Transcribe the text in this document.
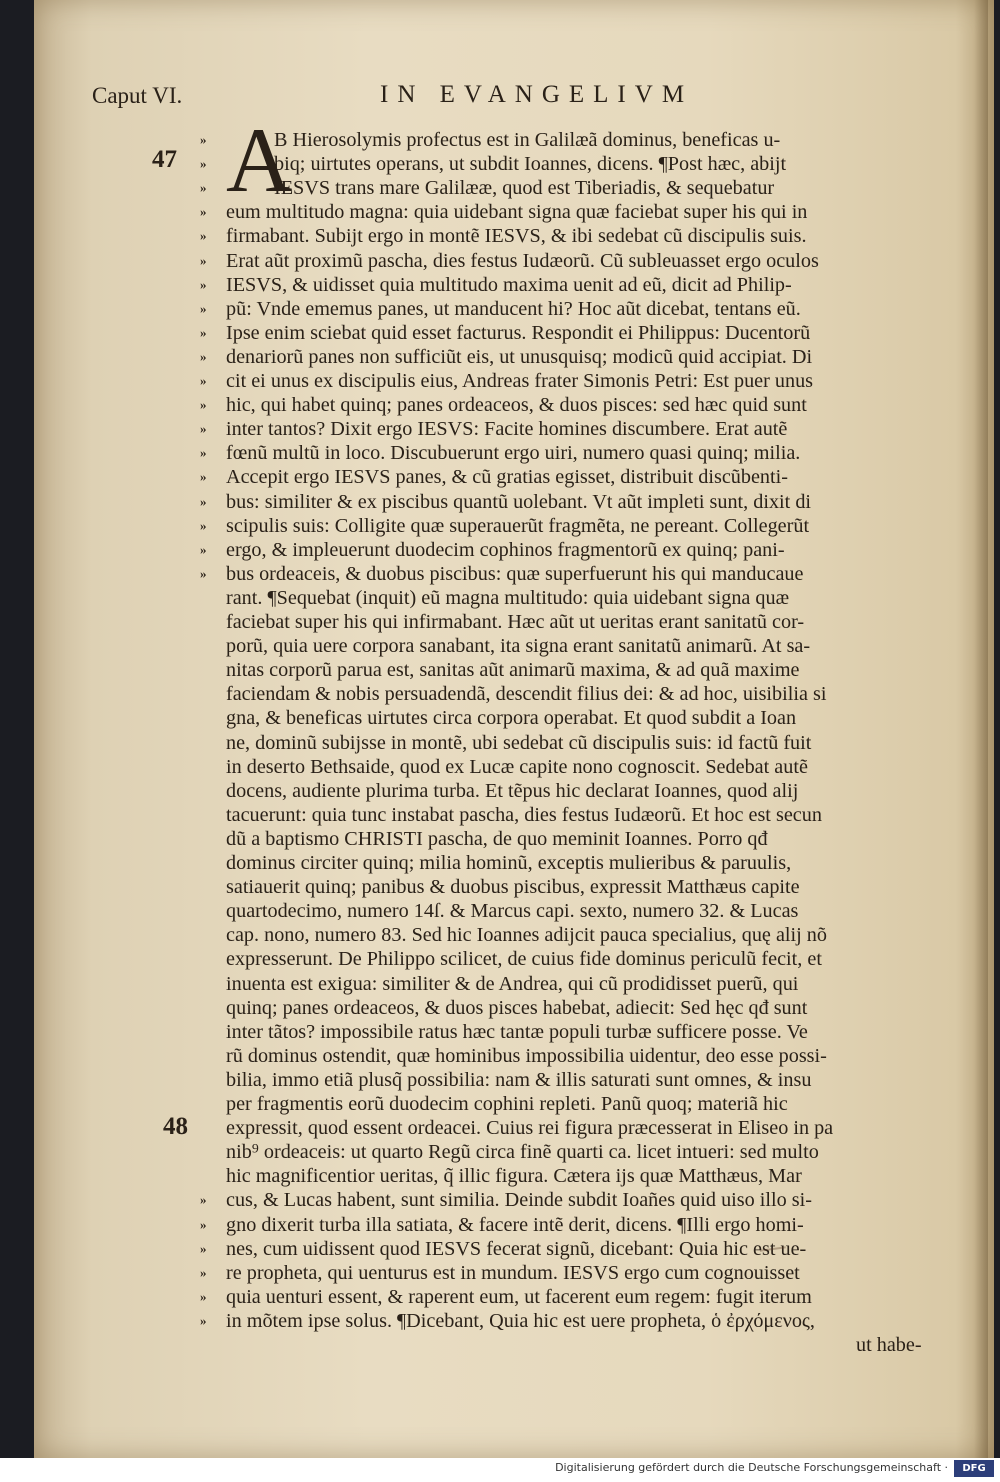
Caput VI.	IN EVANGELIVM
47
48
A
B Hierosolymis profectus est in Galilæã dominus, beneficas u-
»
biq; uirtutes operans, ut subdit Ioannes, dicens. ¶Post hæc, abijt
»
IESVS trans mare Galilææ, quod est Tiberiadis, & sequebatur
»
eum multitudo magna: quia uidebant signa quæ faciebat super his qui in
»
firmabant. Subijt ergo in montẽ IESVS, & ibi sedebat cũ discipulis suis.
»
Erat aũt proximũ pascha, dies festus Iudæorũ. Cũ subleuasset ergo oculos
»
IESVS, & uidisset quia multitudo maxima uenit ad eũ, dicit ad Philip-
»
pũ: Vnde ememus panes, ut manducent hi? Hoc aũt dicebat, tentans eũ.
»
Ipse enim sciebat quid esset facturus. Respondit ei Philippus: Ducentorũ
»
denariorũ panes non sufficiũt eis, ut unusquisq; modicũ quid accipiat. Di
»
cit ei unus ex discipulis eius, Andreas frater Simonis Petri: Est puer unus
»
hic, qui habet quinq; panes ordeaceos, & duos pisces: sed hæc quid sunt
»
inter tantos? Dixit ergo IESVS: Facite homines discumbere. Erat autẽ
»
fœnũ multũ in loco. Discubuerunt ergo uiri, numero quasi quinq; milia.
»
Accepit ergo IESVS panes, & cũ gratias egisset, distribuit discũbenti-
»
bus: similiter & ex piscibus quantũ uolebant. Vt aũt impleti sunt, dixit di
»
scipulis suis: Colligite quæ superauerũt fragmẽta, ne pereant. Collegerũt
»
ergo, & impleuerunt duodecim cophinos fragmentorũ ex quinq; pani-
»
bus ordeaceis, & duobus piscibus: quæ superfuerunt his qui manducaue
»
rant. ¶Sequebat (inquit) eũ magna multitudo: quia uidebant signa quæ
faciebat super his qui infirmabant. Hæc aũt ut ueritas erant sanitatũ cor-
porũ, quia uere corpora sanabant, ita signa erant sanitatũ animarũ. At sa-
nitas corporũ parua est, sanitas aũt animarũ maxima, & ad quã maxime
faciendam & nobis persuadendã, descendit filius dei: & ad hoc, uisibilia si
gna, & beneficas uirtutes circa corpora operabat. Et quod subdit a Ioan
ne, dominũ subijsse in montẽ, ubi sedebat cũ discipulis suis: id factũ fuit
in deserto Bethsaide, quod ex Lucæ capite nono cognoscit. Sedebat autẽ
docens, audiente plurima turba. Et tẽpus hic declarat Ioannes, quod alij
tacuerunt: quia tunc instabat pascha, dies festus Iudæorũ. Et hoc est secun
dũ a baptismo CHRISTI pascha, de quo meminit Ioannes. Porro qđ
dominus circiter quinq; milia hominũ, exceptis mulieribus & paruulis,
satiauerit quinq; panibus & duobus piscibus, expressit Matthæus capite
quartodecimo, numero 14ſ. & Marcus capi. sexto, numero 32. & Lucas
cap. nono, numero 83. Sed hic Ioannes adijcit pauca specialius, quę alij nõ
expresserunt. De Philippo scilicet, de cuius fide dominus periculũ fecit, et
inuenta est exigua: similiter & de Andrea, qui cũ prodidisset puerũ, qui
quinq; panes ordeaceos, & duos pisces habebat, adiecit: Sed hęc qđ sunt
inter tãtos? impossibile ratus hæc tantæ populi turbæ sufficere posse. Ve
rũ dominus ostendit, quæ hominibus impossibilia uidentur, deo esse possi-
bilia, immo etiã plusq̃ possibilia: nam & illis saturati sunt omnes, & insu
per fragmentis eorũ duodecim cophini repleti. Panũ quoq; materiã hic
expressit, quod essent ordeacei. Cuius rei figura præcesserat in Eliseo in pa
nib⁹ ordeaceis: ut quarto Regũ circa finẽ quarti ca. licet intueri: sed multo
hic magnificentior ueritas, q̃ illic figura. Cætera ijs quæ Matthæus, Mar
cus, & Lucas habent, sunt similia. Deinde subdit Ioañes quid uiso illo si-
»
gno dixerit turba illa satiata, & facere intẽ derit, dicens. ¶Illi ergo homi-
»
nes, cum uidissent quod IESVS fecerat signũ, dicebant: Quia hic est ue-
»
re propheta, qui uenturus est in mundum. IESVS ergo cum cognouisset
»
quia uenturi essent, & raperent eum, ut facerent eum regem: fugit iterum
»
in mõtem ipse solus. ¶Dicebant, Quia hic est uere propheta, ὁ ἐρχόμενος,
»
ut habe-
Digitalisierung gefördert durch die Deutsche Forschungsgemeinschaft ·	DFG
